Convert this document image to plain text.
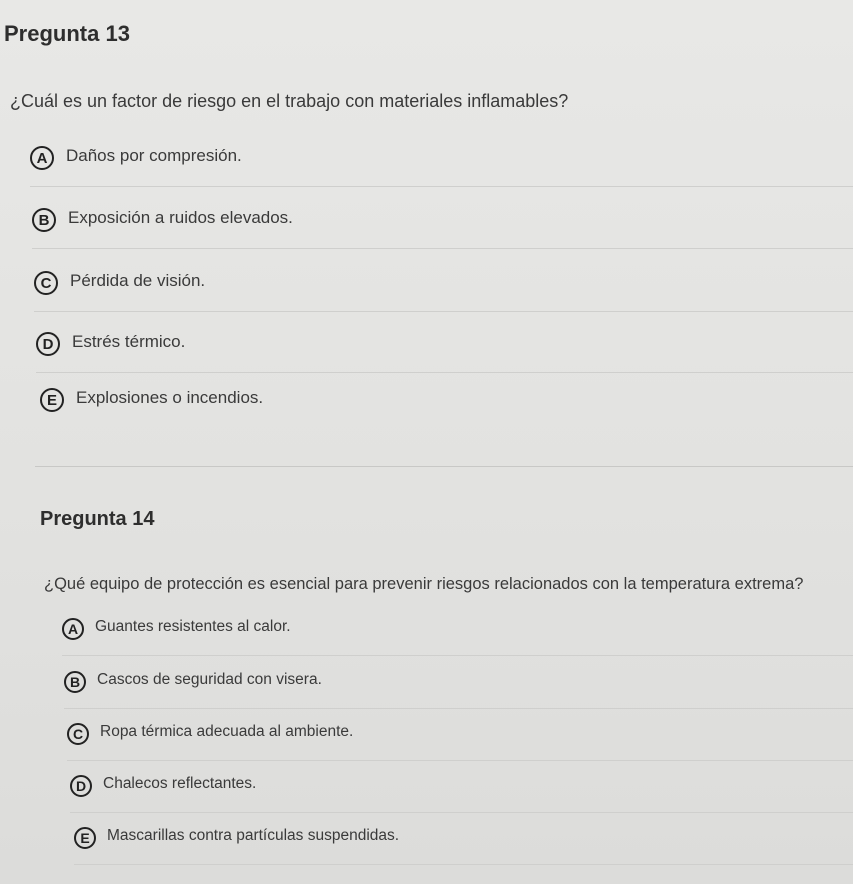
Pregunta 13
¿Cuál es un factor de riesgo en el trabajo con materiales inflamables?
A	Daños por compresión.
B	Exposición a ruidos elevados.
C	Pérdida de visión.
D	Estrés térmico.
E	Explosiones o incendios.
Pregunta 14
¿Qué equipo de protección es esencial para prevenir riesgos relacionados con la temperatura extrema?
A	Guantes resistentes al calor.
B	Cascos de seguridad con visera.
C	Ropa térmica adecuada al ambiente.
D	Chalecos reflectantes.
E	Mascarillas contra partículas suspendidas.
